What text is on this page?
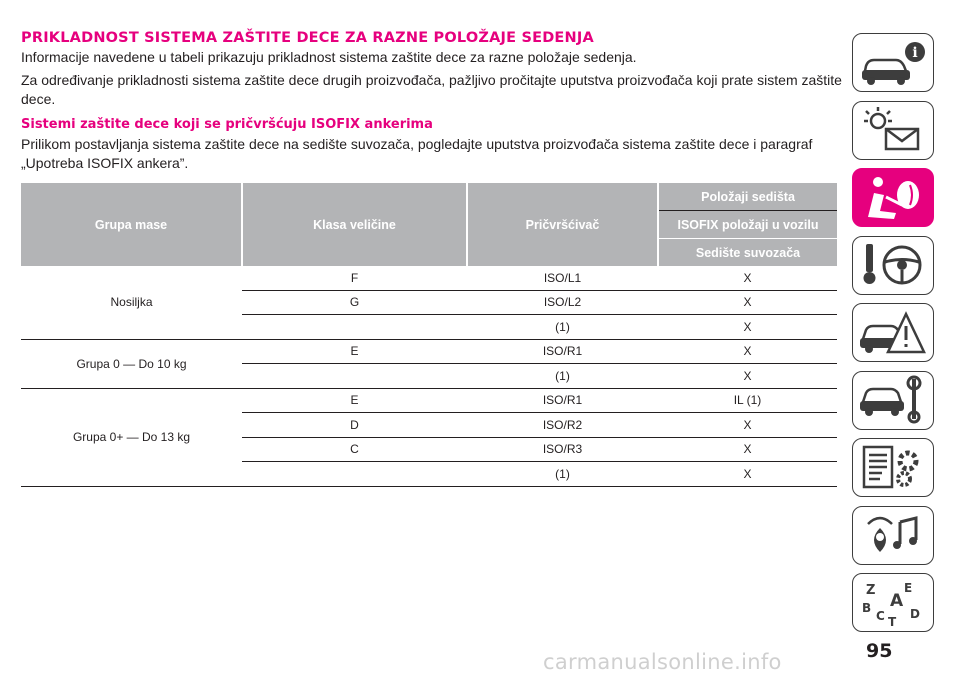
PRIKLADNOST SISTEMA ZAŠTITE DECE ZA RAZNE POLOŽAJE SEDENJA

Informacije navedene u tabeli prikazuju prikladnost sistema zaštite dece za razne položaje sedenja.

Za određivanje prikladnosti sistema zaštite dece drugih proizvođača, pažljivo pročitajte uputstva proizvođača koji prate sistem zaštite dece.

Sistemi zaštite dece koji se pričvršćuju ISOFIX ankerima

Prilikom postavljanja sistema zaštite dece na sedište suvozača, pogledajte uputstva proizvođača sistema zaštite dece i paragraf „Upotreba ISOFIX ankera”.

Grupa mase	Klasa veličine	Pričvršćivač	Položaji sedišta
			ISOFIX položaji u vozilu
			Sedište suvozača
Nosiljka	F	ISO/L1	X
	G	ISO/L2	X
		(1)	X
Grupa 0 — Do 10 kg	E	ISO/R1	X
		(1)	X
Grupa 0+ — Do 13 kg	E	ISO/R1	IL (1)
	D	ISO/R2	X
	C	ISO/R3	X
		(1)	X
i
Z E
A
B	D
C T
95
carmanualsonline.info
